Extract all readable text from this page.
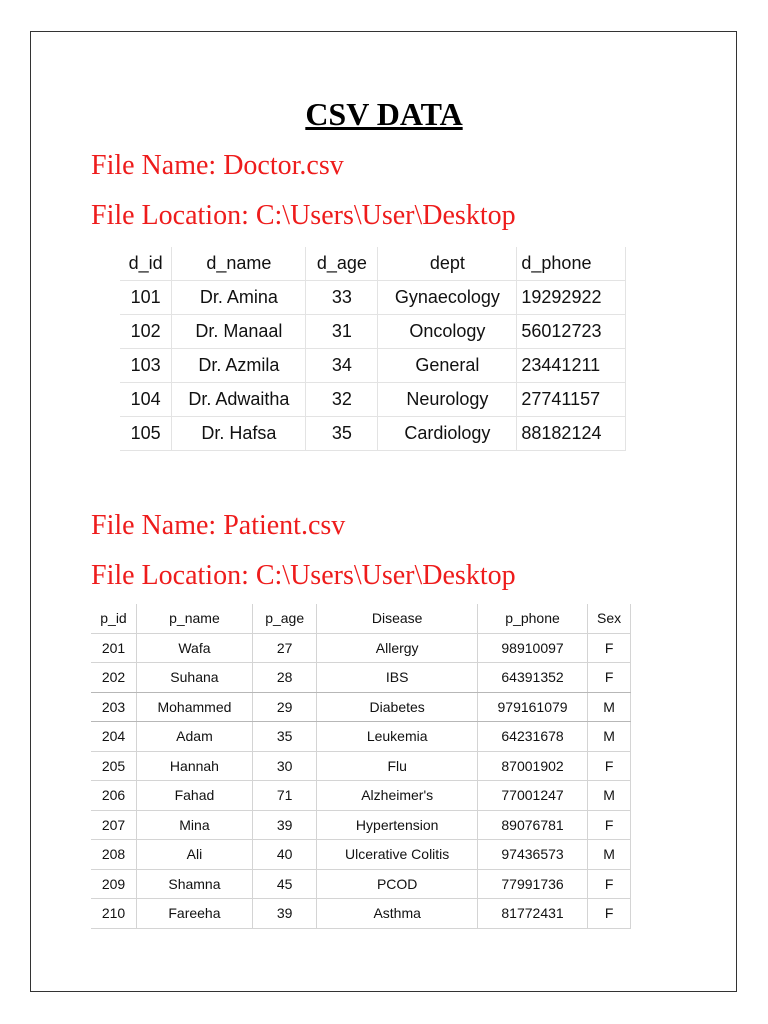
CSV DATA
File Name: Doctor.csv
File Location: C:\Users\User\Desktop
d_id	d_name	d_age	dept	d_phone
101	Dr. Amina	33	Gynaecology	19292922
102	Dr. Manaal	31	Oncology	56012723
103	Dr. Azmila	34	General	23441211
104	Dr. Adwaitha	32	Neurology	27741157
105	Dr. Hafsa	35	Cardiology	88182124
File Name: Patient.csv
File Location: C:\Users\User\Desktop
p_id	p_name	p_age	Disease	p_phone	Sex
201	Wafa	27	Allergy	98910097	F
202	Suhana	28	IBS	64391352	F
203	Mohammed	29	Diabetes	979161079	M
204	Adam	35	Leukemia	64231678	M
205	Hannah	30	Flu	87001902	F
206	Fahad	71	Alzheimer's	77001247	M
207	Mina	39	Hypertension	89076781	F
208	Ali	40	Ulcerative Colitis	97436573	M
209	Shamna	45	PCOD	77991736	F
210	Fareeha	39	Asthma	81772431	F
